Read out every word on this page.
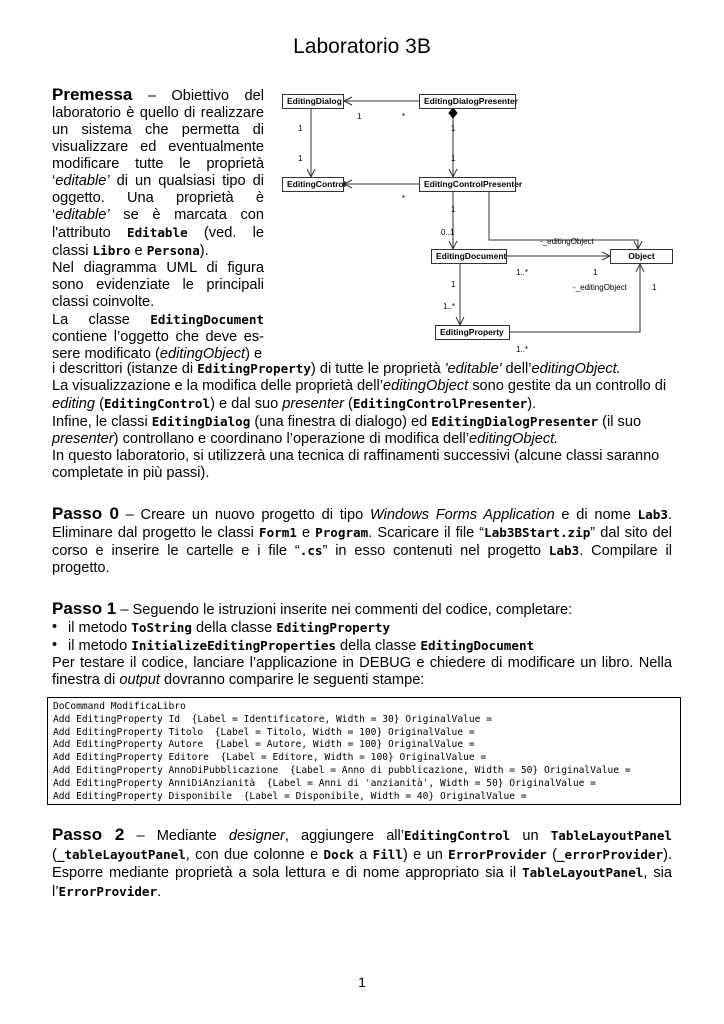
Laboratorio 3B

Premessa – Obiettivo del laboratorio è quello di realizzare un sistema che permetta di visualizzare ed eventualmente modificare tutte le proprietà ‘editable’ di un qualsiasi tipo di oggetto. Una proprietà è ‘editable’ se è marcata con l'attributo Editable (ved. le classi Libro e Persona).

Nel diagramma UML di figura sono evidenziate le principali classi coinvolte.

La classe EditingDocument contiene l’oggetto che deve es-sere modificato (editingObject) e

EditingDialog	EditingDialogPresenter
EditingControl	EditingControlPresenter
EditingDocument	Object
EditingProperty
1	*
1
1
1
1
*
1
0..1
-_editingObject
1
1..*	1
-_editingObject	1
1..*
1..*

i descrittori (istanze di EditingProperty) di tutte le proprietà 'editable' dell’editingObject.

La visualizzazione e la modifica delle proprietà dell’editingObject sono gestite da un controllo di editing (EditingControl) e dal suo presenter (EditingControlPresenter).

Infine, le classi EditingDialog (una finestra di dialogo) ed EditingDialogPresenter (il suo presenter) controllano e coordinano l’operazione di modifica dell’editingObject.

In questo laboratorio, si utilizzerà una tecnica di raffinamenti successivi (alcune classi saranno completate in più passi).

Passo 0 – Creare un nuovo progetto di tipo Windows Forms Application e di nome Lab3. Eliminare dal progetto le classi Form1 e Program. Scaricare il file “Lab3BStart.zip” dal sito del corso e inserire le cartelle e i file “.cs” in esso contenuti nel progetto Lab3. Compilare il progetto.

Passo 1 – Seguendo le istruzioni inserite nei commenti del codice, completare:

• il metodo ToString della classe EditingProperty
• il metodo InitializeEditingProperties della classe EditingDocument

Per testare il codice, lanciare l’applicazione in DEBUG e chiedere di modificare un libro. Nella finestra di output dovranno comparire le seguenti stampe:

DoCommand ModificaLibro
Add EditingProperty Id  {Label = Identificatore, Width = 30} OriginalValue =
Add EditingProperty Titolo  {Label = Titolo, Width = 100} OriginalValue =
Add EditingProperty Autore  {Label = Autore, Width = 100} OriginalValue =
Add EditingProperty Editore  {Label = Editore, Width = 100} OriginalValue =
Add EditingProperty AnnoDiPubblicazione  {Label = Anno di pubblicazione, Width = 50} OriginalValue =
Add EditingProperty AnniDiAnzianità  {Label = Anni di 'anzianità', Width = 50} OriginalValue =
Add EditingProperty Disponibile  {Label = Disponibile, Width = 40} OriginalValue =

Passo 2 – Mediante designer, aggiungere all’EditingControl un TableLayoutPanel (_tableLayoutPanel, con due colonne e Dock a Fill) e un ErrorProvider (_errorProvider). Esporre mediante proprietà a sola lettura e di nome appropriato sia il TableLayoutPanel, sia l’ErrorProvider.

1
